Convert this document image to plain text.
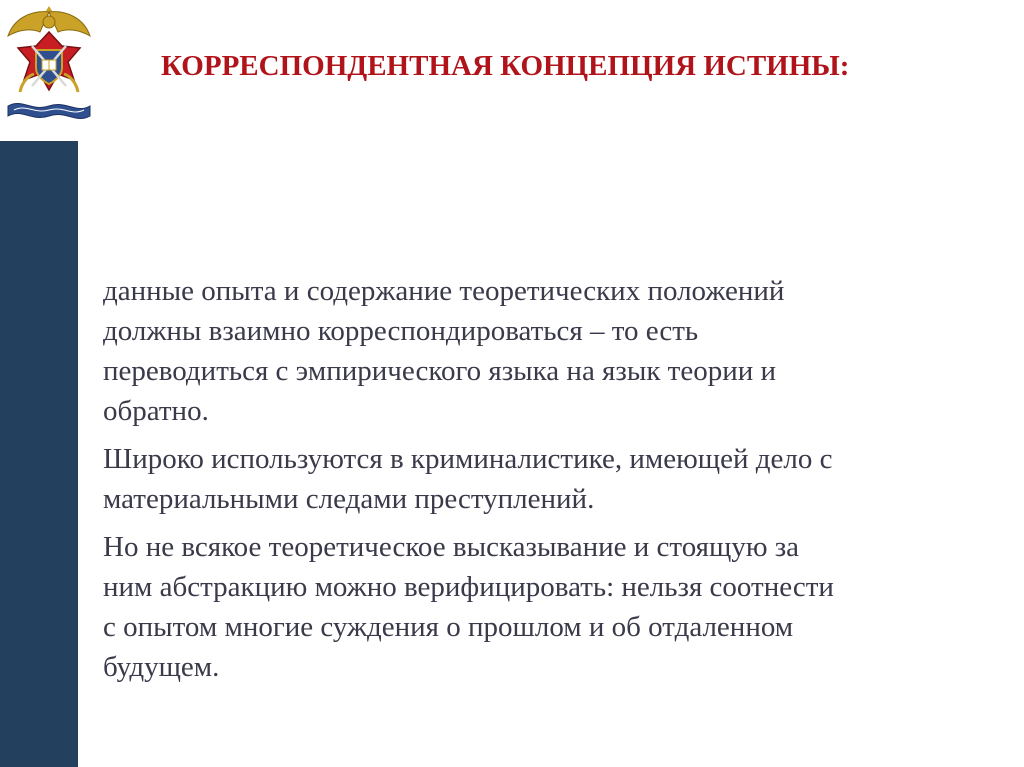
КОРРЕСПОНДЕНТНАЯ КОНЦЕПЦИЯ ИСТИНЫ:

данные опыта и содержание теоретических положений
должны взаимно корреспондироваться – то есть
переводиться с эмпирического языка на язык теории и
обратно.

Широко используются в криминалистике, имеющей дело с
материальными следами преступлений.

Но не всякое теоретическое высказывание и стоящую за
ним абстракцию можно верифицировать: нельзя соотнести
с опытом многие суждения о прошлом и об отдаленном
будущем.
